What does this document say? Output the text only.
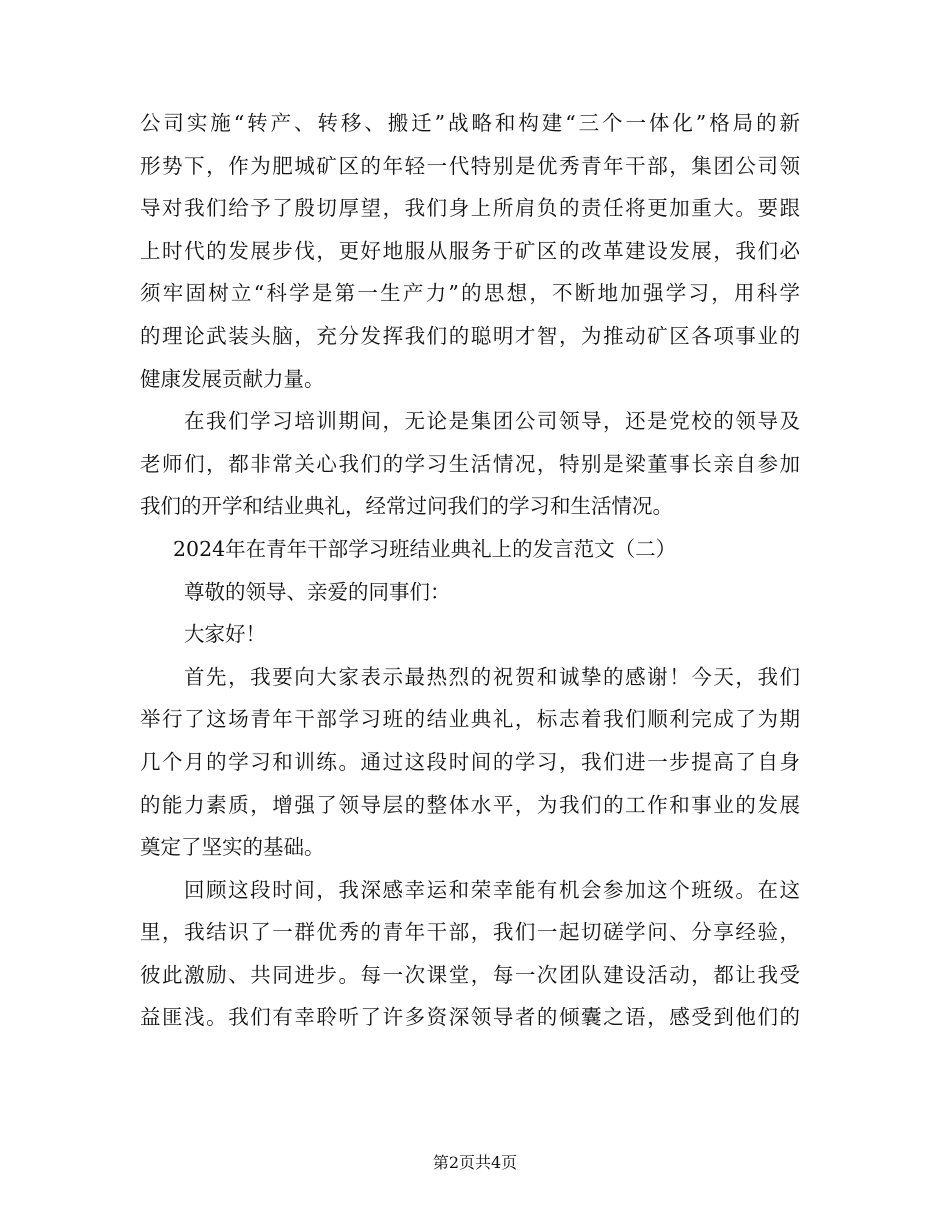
公司实施“转产、转移、搬迁”战略和构建“三个一体化”格局的新
形势下，作为肥城矿区的年轻一代特别是优秀青年干部，集团公司领
导对我们给予了殷切厚望，我们身上所肩负的责任将更加重大。要跟
上时代的发展步伐，更好地服从服务于矿区的改革建设发展，我们必
须牢固树立“科学是第一生产力”的思想，不断地加强学习，用科学
的理论武装头脑，充分发挥我们的聪明才智，为推动矿区各项事业的
健康发展贡献力量。
在我们学习培训期间，无论是集团公司领导，还是党校的领导及
老师们，都非常关心我们的学习生活情况，特别是梁董事长亲自参加
我们的开学和结业典礼，经常过问我们的学习和生活情况。
2024年在青年干部学习班结业典礼上的发言范文（二）
尊敬的领导、亲爱的同事们：
大家好！
首先，我要向大家表示最热烈的祝贺和诚挚的感谢！今天，我们
举行了这场青年干部学习班的结业典礼，标志着我们顺利完成了为期
几个月的学习和训练。通过这段时间的学习，我们进一步提高了自身
的能力素质，增强了领导层的整体水平，为我们的工作和事业的发展
奠定了坚实的基础。
回顾这段时间，我深感幸运和荣幸能有机会参加这个班级。在这
里，我结识了一群优秀的青年干部，我们一起切磋学问、分享经验，
彼此激励、共同进步。每一次课堂，每一次团队建设活动，都让我受
益匪浅。我们有幸聆听了许多资深领导者的倾囊之语，感受到他们的
第2页共4页
